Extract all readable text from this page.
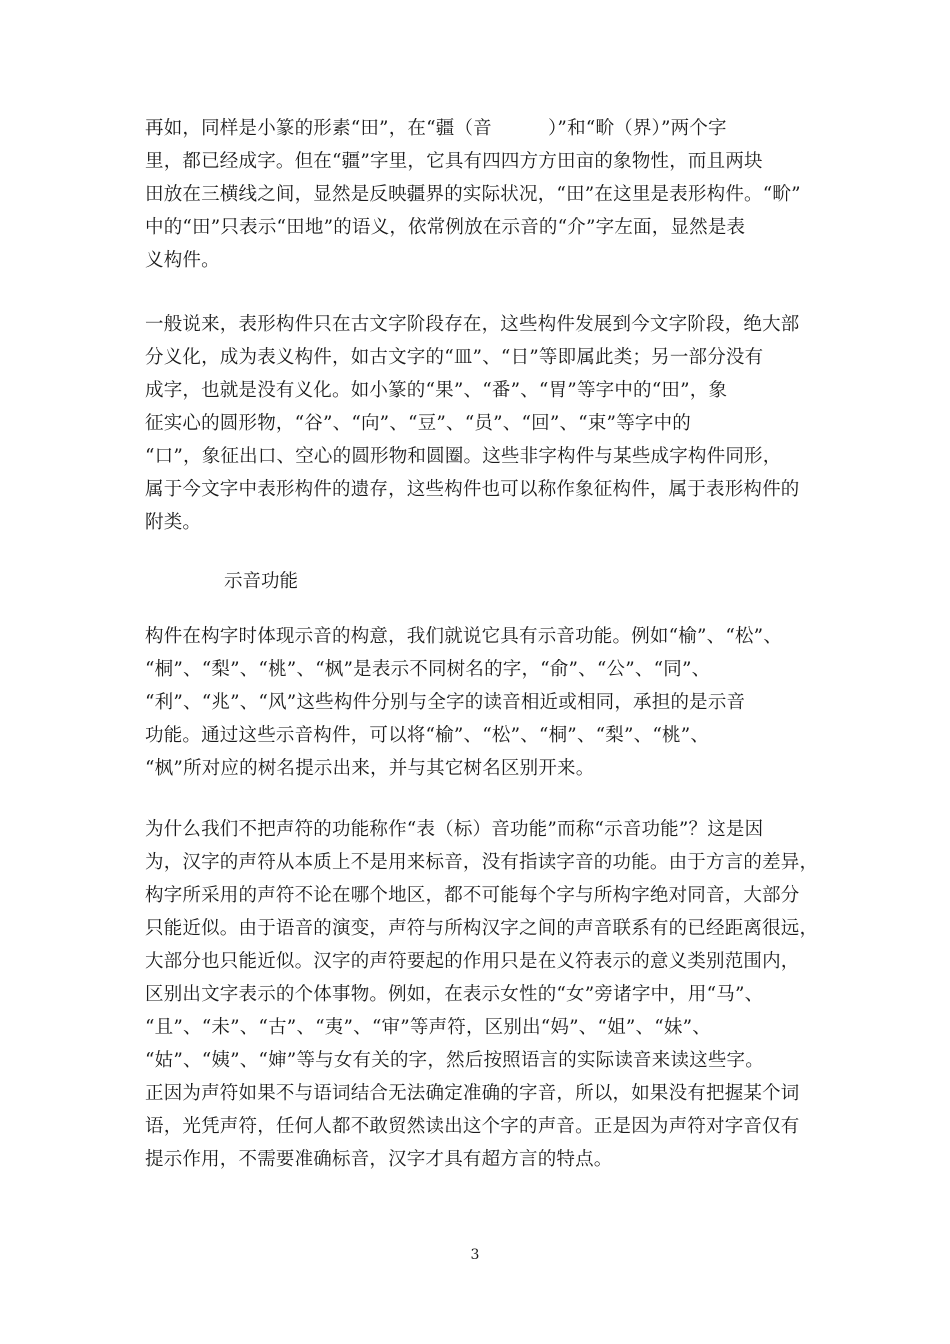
再如，同样是小篆的形素“田”，在“疆（音　　　）”和“畍（界）”两个字
里，都已经成字。但在“疆”字里，它具有四四方方田亩的象物性，而且两块
田放在三横线之间，显然是反映疆界的实际状况，“田”在这里是表形构件。“畍”
中的“田”只表示“田地”的语义，依常例放在示音的“介”字左面，显然是表
义构件。
一般说来，表形构件只在古文字阶段存在，这些构件发展到今文字阶段，绝大部
分义化，成为表义构件，如古文字的“皿”、“日”等即属此类；另一部分没有
成字，也就是没有义化。如小篆的“果”、“番”、“胃”等字中的“田”，象
征实心的圆形物，“谷”、“向”、“豆”、“员”、“回”、“束”等字中的
“口”，象征出口、空心的圆形物和圆圈。这些非字构件与某些成字构件同形，
属于今文字中表形构件的遗存，这些构件也可以称作象征构件，属于表形构件的
附类。
示音功能
构件在构字时体现示音的构意，我们就说它具有示音功能。例如“榆”、“松”、
“桐”、“梨”、“桃”、“枫”是表示不同树名的字，“俞”、“公”、“同”、
“利”、“兆”、“风”这些构件分别与全字的读音相近或相同，承担的是示音
功能。通过这些示音构件，可以将“榆”、“松”、“桐”、“梨”、“桃”、
“枫”所对应的树名提示出来，并与其它树名区别开来。
为什么我们不把声符的功能称作“表（标）音功能”而称“示音功能”？这是因
为，汉字的声符从本质上不是用来标音，没有指读字音的功能。由于方言的差异，
构字所采用的声符不论在哪个地区，都不可能每个字与所构字绝对同音，大部分
只能近似。由于语音的演变，声符与所构汉字之间的声音联系有的已经距离很远，
大部分也只能近似。汉字的声符要起的作用只是在义符表示的意义类别范围内，
区别出文字表示的个体事物。例如，在表示女性的“女”旁诸字中，用“马”、
“且”、“未”、“古”、“夷”、“审”等声符，区别出“妈”、“姐”、“妹”、
“姑”、“姨”、“婶”等与女有关的字，然后按照语言的实际读音来读这些字。
正因为声符如果不与语词结合无法确定准确的字音，所以，如果没有把握某个词
语，光凭声符，任何人都不敢贸然读出这个字的声音。正是因为声符对字音仅有
提示作用，不需要准确标音，汉字才具有超方言的特点。
3
